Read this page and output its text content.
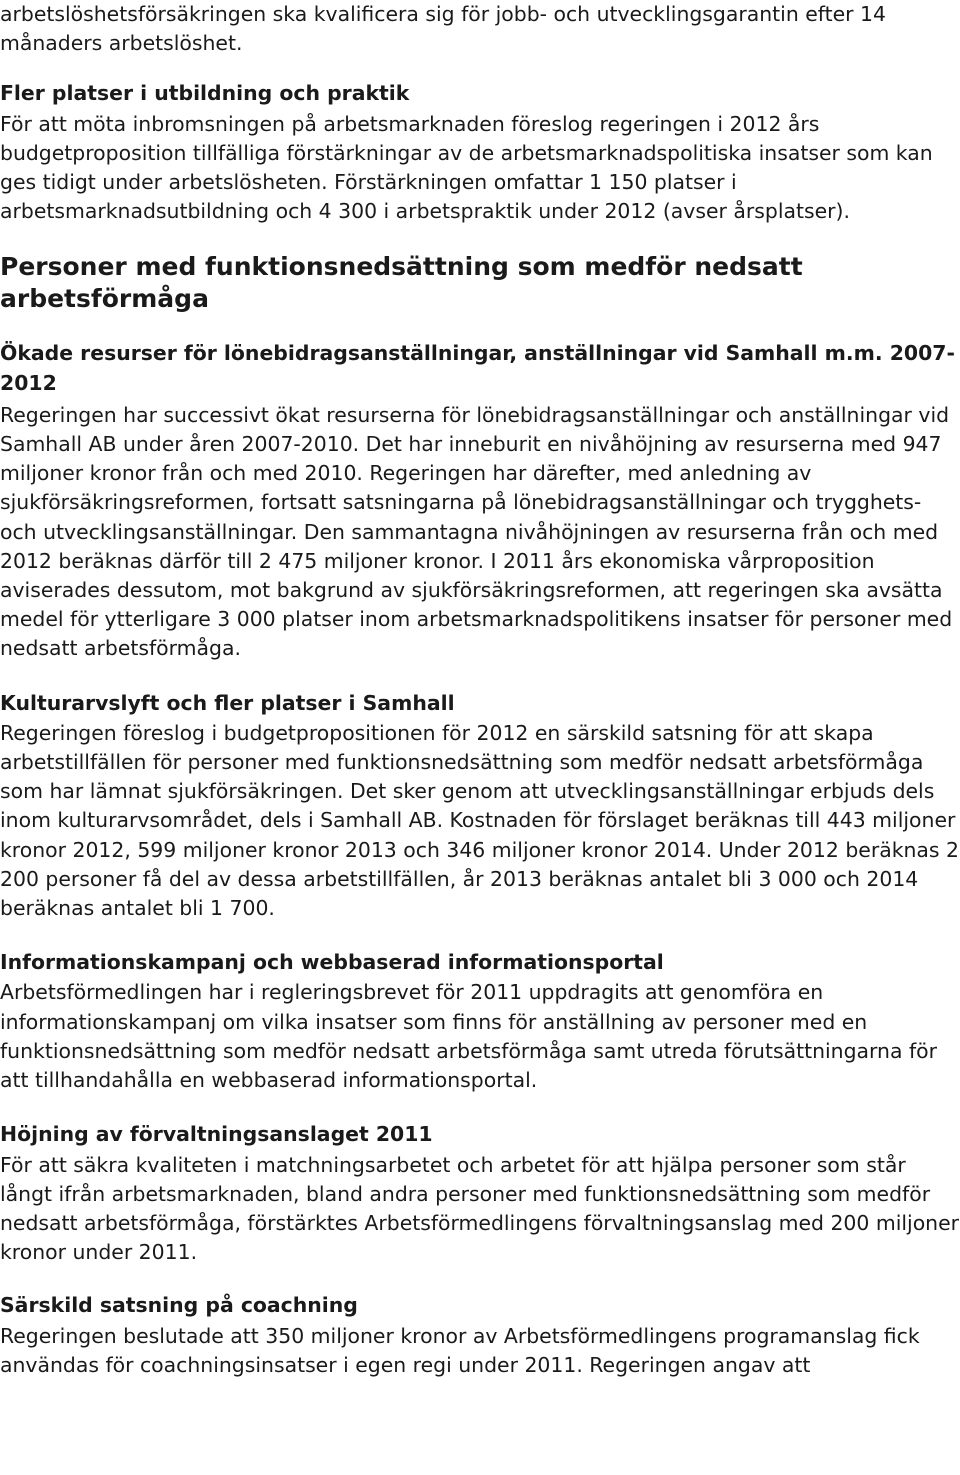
arbetslöshetsförsäkringen ska kvalificera sig för jobb- och utvecklingsgarantin efter 14 månaders arbetslöshet.

Fler platser i utbildning och praktik

För att möta inbromsningen på arbetsmarknaden föreslog regeringen i 2012 års budgetproposition tillfälliga förstärkningar av de arbetsmarknadspolitiska insatser som kan ges tidigt under arbetslösheten. Förstärkningen omfattar 1 150 platser i arbetsmarknadsutbildning och 4 300 i arbetspraktik under 2012 (avser årsplatser).

Personer med funktionsnedsättning som medför nedsatt arbetsförmåga
Ökade resurser för lönebidragsanställningar, anställningar vid Samhall m.m. 2007-2012

Regeringen har successivt ökat resurserna för lönebidragsanställningar och anställningar vid Samhall AB under åren 2007-2010. Det har inneburit en nivåhöjning av resurserna med 947 miljoner kronor från och med 2010. Regeringen har därefter, med anledning av sjukförsäkringsreformen, fortsatt satsningarna på lönebidragsanställningar och trygghets- och utvecklingsanställningar. Den sammantagna nivåhöjningen av resurserna från och med 2012 beräknas därför till 2 475 miljoner kronor. I 2011 års ekonomiska vårproposition aviserades dessutom, mot bakgrund av sjukförsäkringsreformen, att regeringen ska avsätta medel för ytterligare 3 000 platser inom arbetsmarknadspolitikens insatser för personer med nedsatt arbetsförmåga.

Kulturarvslyft och fler platser i Samhall

Regeringen föreslog i budgetpropositionen för 2012 en särskild satsning för att skapa arbetstillfällen för personer med funktionsnedsättning som medför nedsatt arbetsförmåga som har lämnat sjukförsäkringen. Det sker genom att utvecklingsanställningar erbjuds dels inom kulturarvsområdet, dels i Samhall AB. Kostnaden för förslaget beräknas till 443 miljoner kronor 2012, 599 miljoner kronor 2013 och 346 miljoner kronor 2014. Under 2012 beräknas 2 200 personer få del av dessa arbetstillfällen, år 2013 beräknas antalet bli 3 000 och 2014 beräknas antalet bli 1 700.

Informationskampanj och webbaserad informationsportal

Arbetsförmedlingen har i regleringsbrevet för 2011 uppdragits att genomföra en informationskampanj om vilka insatser som finns för anställning av personer med en funktionsnedsättning som medför nedsatt arbetsförmåga samt utreda förutsättningarna för att tillhandahålla en webbaserad informationsportal.

Höjning av förvaltningsanslaget 2011

För att säkra kvaliteten i matchningsarbetet och arbetet för att hjälpa personer som står långt ifrån arbetsmarknaden, bland andra personer med funktionsnedsättning som medför nedsatt arbetsförmåga, förstärktes Arbetsförmedlingens förvaltningsanslag med 200 miljoner kronor under 2011.

Särskild satsning på coachning

Regeringen beslutade att 350 miljoner kronor av Arbetsförmedlingens programanslag fick användas för coachningsinsatser i egen regi under 2011. Regeringen angav att
